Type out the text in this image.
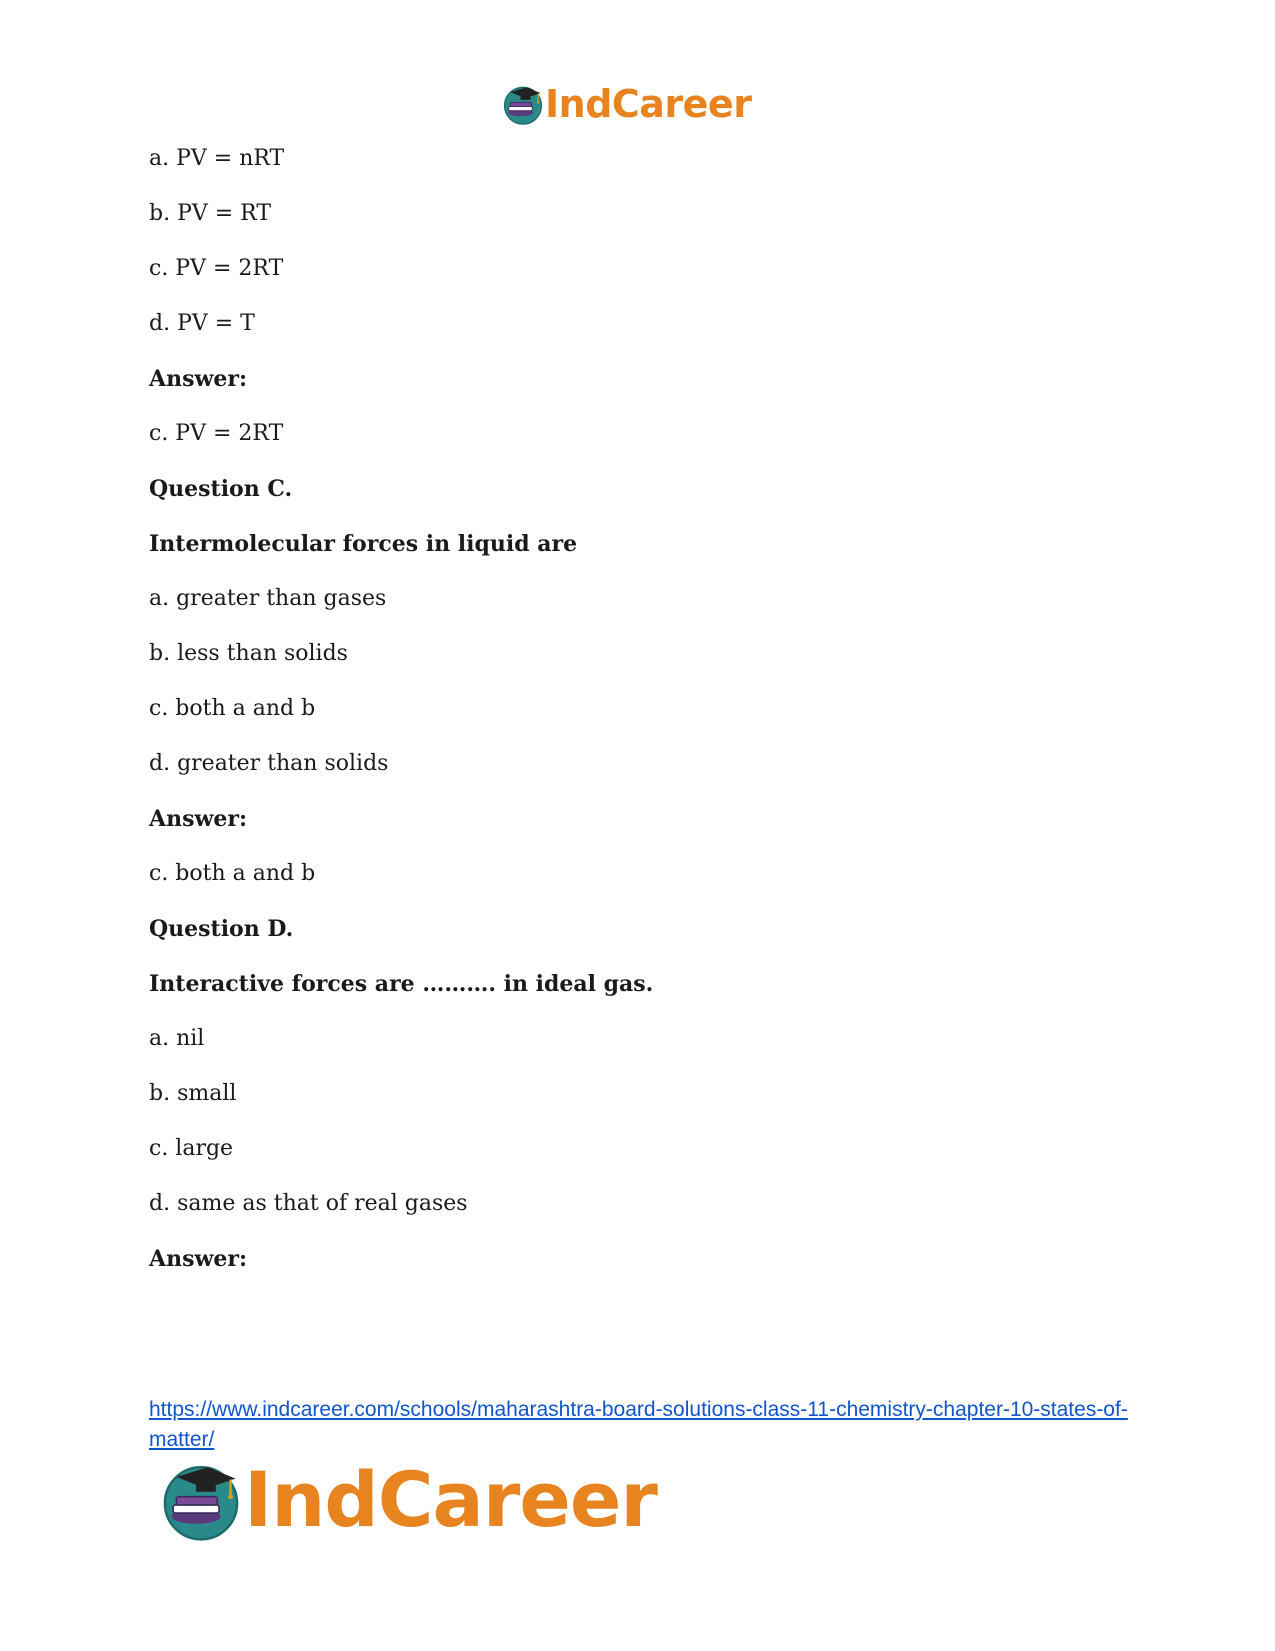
IndCareer
a. PV = nRT
b. PV = RT
c. PV = 2RT
d. PV = T
Answer:
c. PV = 2RT
Question C.
Intermolecular forces in liquid are
a. greater than gases
b. less than solids
c. both a and b
d. greater than solids
Answer:
c. both a and b
Question D.
Interactive forces are ………. in ideal gas.
a. nil
b. small
c. large
d. same as that of real gases
Answer:
https://www.indcareer.com/schools/maharashtra-board-solutions-class-11-chemistry-chapter-10-states-of-matter/
IndCareer
